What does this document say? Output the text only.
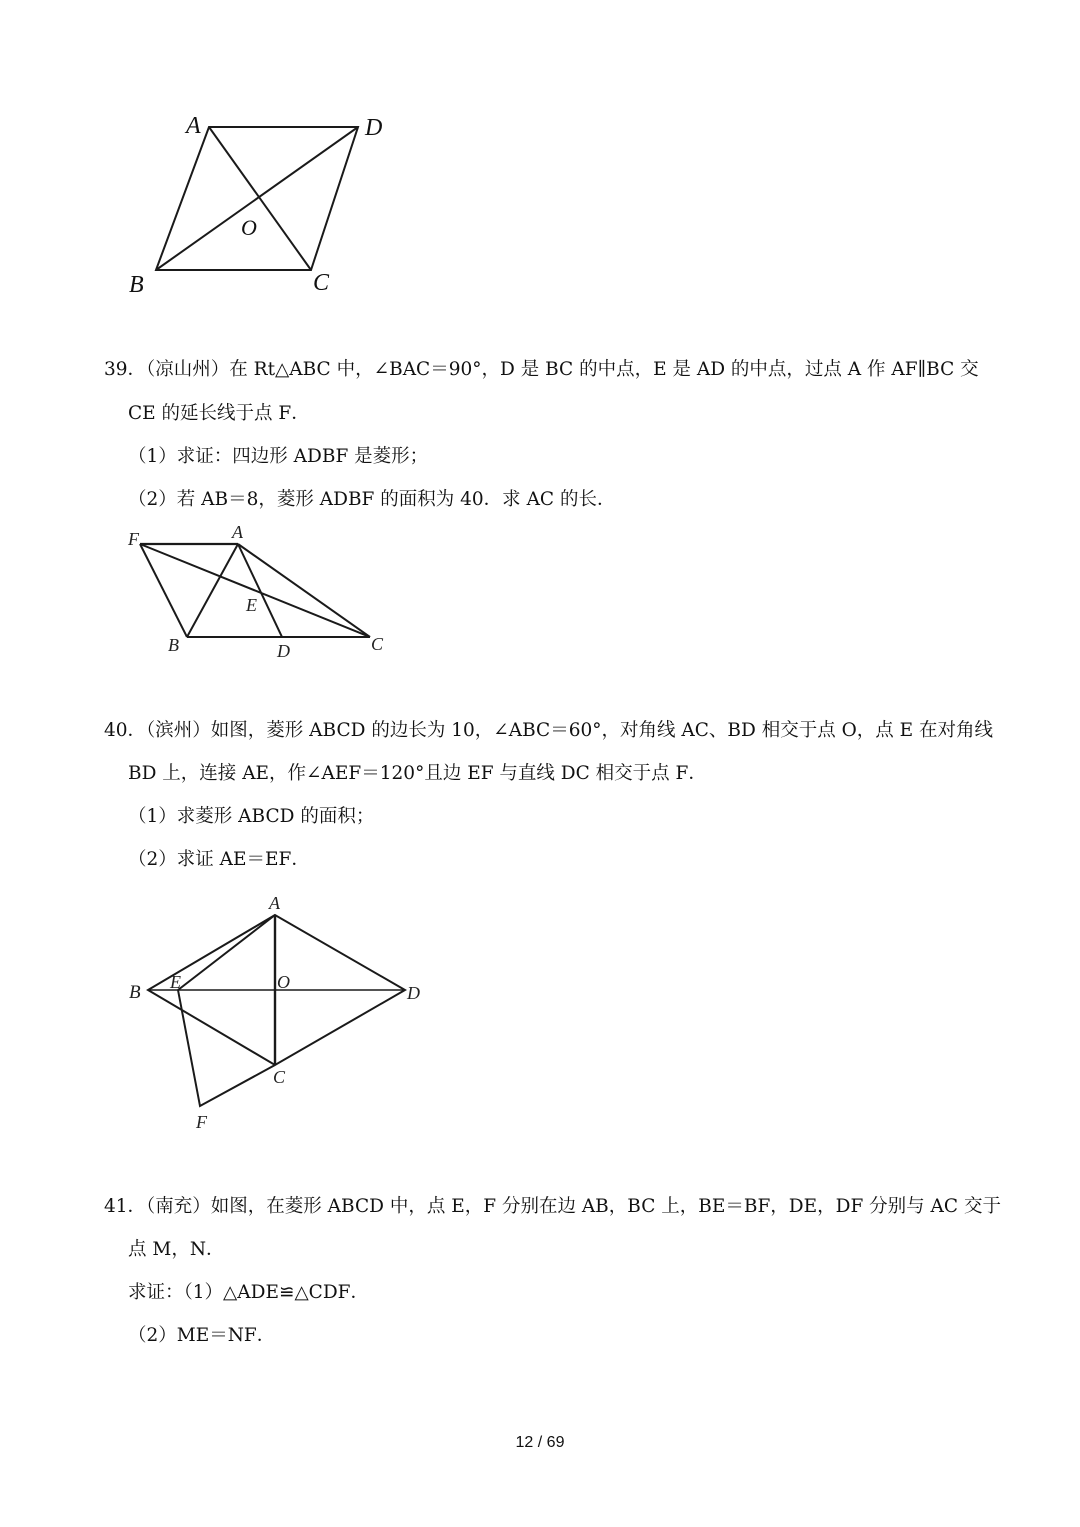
A	D
O
B	C
39．（凉山州）在 Rt△ABC 中，∠BAC＝90°，D 是 BC 的中点，E 是 AD 的中点，过点 A 作 AF∥BC 交
CE 的延长线于点 F．
（1）求证：四边形 ADBF 是菱形；
（2）若 AB＝8，菱形 ADBF 的面积为 40．求 AC 的长．
F	A
E
B	D	C
40．（滨州）如图，菱形 ABCD 的边长为 10，∠ABC＝60°，对角线 AC、BD 相交于点 O，点 E 在对角线
BD 上，连接 AE，作∠AEF＝120°且边 EF 与直线 DC 相交于点 F．
（1）求菱形 ABCD 的面积；
（2）求证 AE＝EF．
A
B E	O
D
C
F
41．（南充）如图，在菱形 ABCD 中，点 E，F 分别在边 AB，BC 上，BE＝BF，DE，DF 分别与 AC 交于
点 M，N．
求证：（1）△ADE≌△CDF．
（2）ME＝NF．
12 / 69
